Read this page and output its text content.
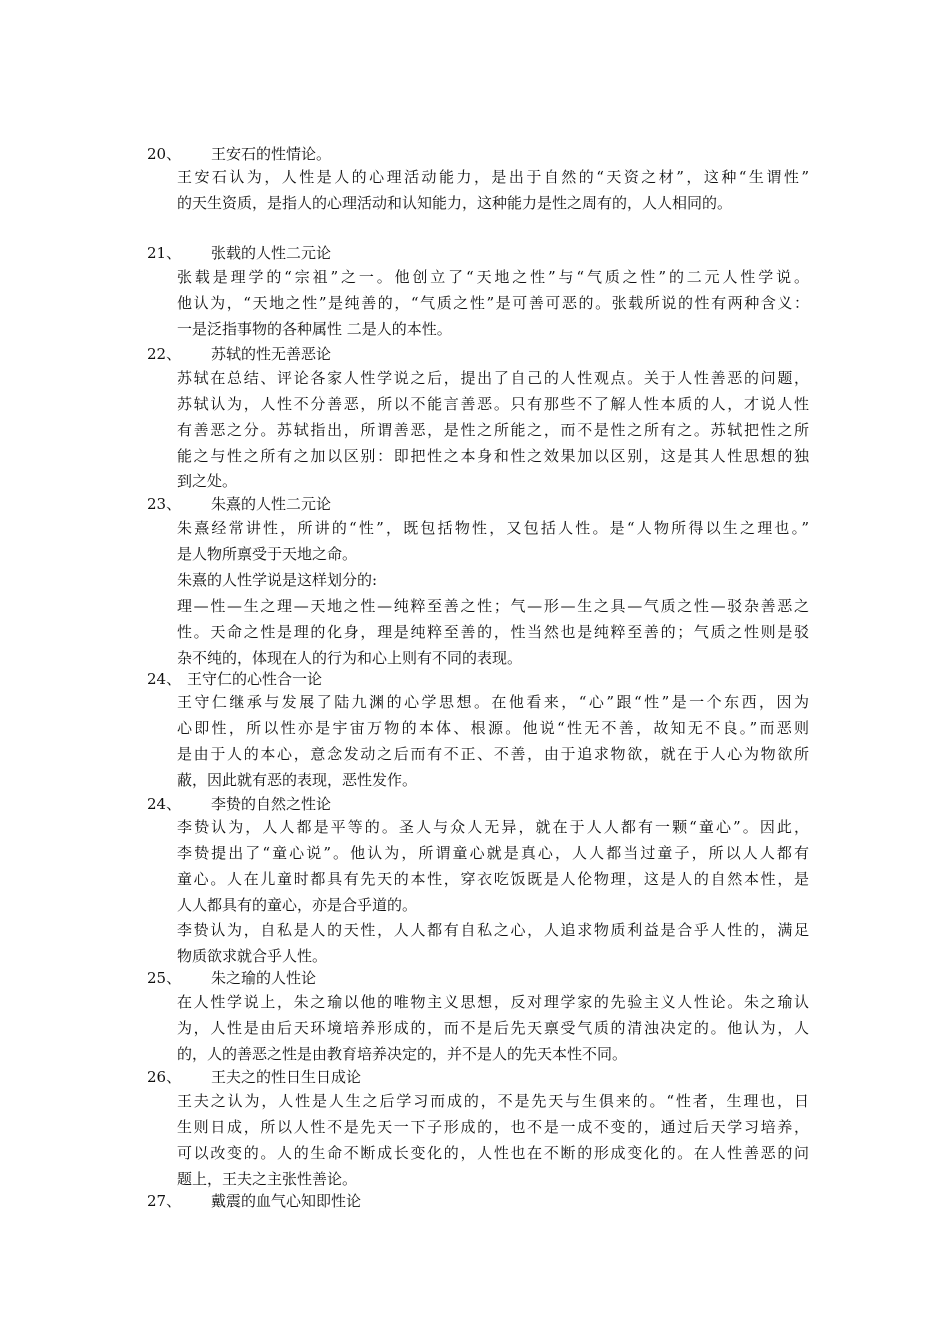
20、 王安石的性情论。
王安石认为，人性是人的心理活动能力，是出于自然的“天资之材”，这种“生谓性”
的天生资质，是指人的心理活动和认知能力，这种能力是性之周有的，人人相同的。
21、 张载的人性二元论
张载是理学的“宗祖”之一。他创立了“天地之性”与“气质之性”的二元人性学说。
他认为，“天地之性”是纯善的，“气质之性”是可善可恶的。张载所说的性有两种含义：
一是泛指事物的各种属性 二是人的本性。
22、 苏轼的性无善恶论
苏轼在总结、评论各家人性学说之后，提出了自己的人性观点。关于人性善恶的问题，
苏轼认为，人性不分善恶，所以不能言善恶。只有那些不了解人性本质的人，才说人性
有善恶之分。苏轼指出，所谓善恶，是性之所能之，而不是性之所有之。苏轼把性之所
能之与性之所有之加以区别：即把性之本身和性之效果加以区别，这是其人性思想的独
到之处。
23、 朱熹的人性二元论
朱熹经常讲性，所讲的“性”，既包括物性，又包括人性。是“人物所得以生之理也。”
是人物所禀受于天地之命。
朱熹的人性学说是这样划分的:
理—性—生之理—天地之性—纯粹至善之性；气—形—生之具—气质之性—驳杂善恶之
性。天命之性是理的化身，理是纯粹至善的，性当然也是纯粹至善的；气质之性则是驳
杂不纯的，体现在人的行为和心上则有不同的表现。
24、 王守仁的心性合一论
王守仁继承与发展了陆九渊的心学思想。在他看来，“心”跟“性”是一个东西，因为
心即性，所以性亦是宇宙万物的本体、根源。他说“性无不善，故知无不良。”而恶则
是由于人的本心，意念发动之后而有不正、不善，由于追求物欲，就在于人心为物欲所
蔽，因此就有恶的表现，恶性发作。
24、 李贽的自然之性论
李贽认为，人人都是平等的。圣人与众人无异，就在于人人都有一颗“童心”。因此，
李贽提出了“童心说”。他认为，所谓童心就是真心，人人都当过童子，所以人人都有
童心。人在儿童时都具有先天的本性，穿衣吃饭既是人伦物理，这是人的自然本性，是
人人都具有的童心，亦是合乎道的。
李贽认为，自私是人的天性，人人都有自私之心，人追求物质利益是合乎人性的，满足
物质欲求就合乎人性。
25、 朱之瑜的人性论
在人性学说上，朱之瑜以他的唯物主义思想，反对理学家的先验主义人性论。朱之瑜认
为，人性是由后天环境培养形成的，而不是后先天禀受气质的清浊决定的。他认为，人
的，人的善恶之性是由教育培养决定的，并不是人的先天本性不同。
26、 王夫之的性日生日成论
王夫之认为，人性是人生之后学习而成的，不是先天与生俱来的。“性者，生理也，日
生则日成，所以人性不是先天一下子形成的，也不是一成不变的，通过后天学习培养，
可以改变的。人的生命不断成长变化的，人性也在不断的形成变化的。在人性善恶的问
题上，王夫之主张性善论。
27、 戴震的血气心知即性论
